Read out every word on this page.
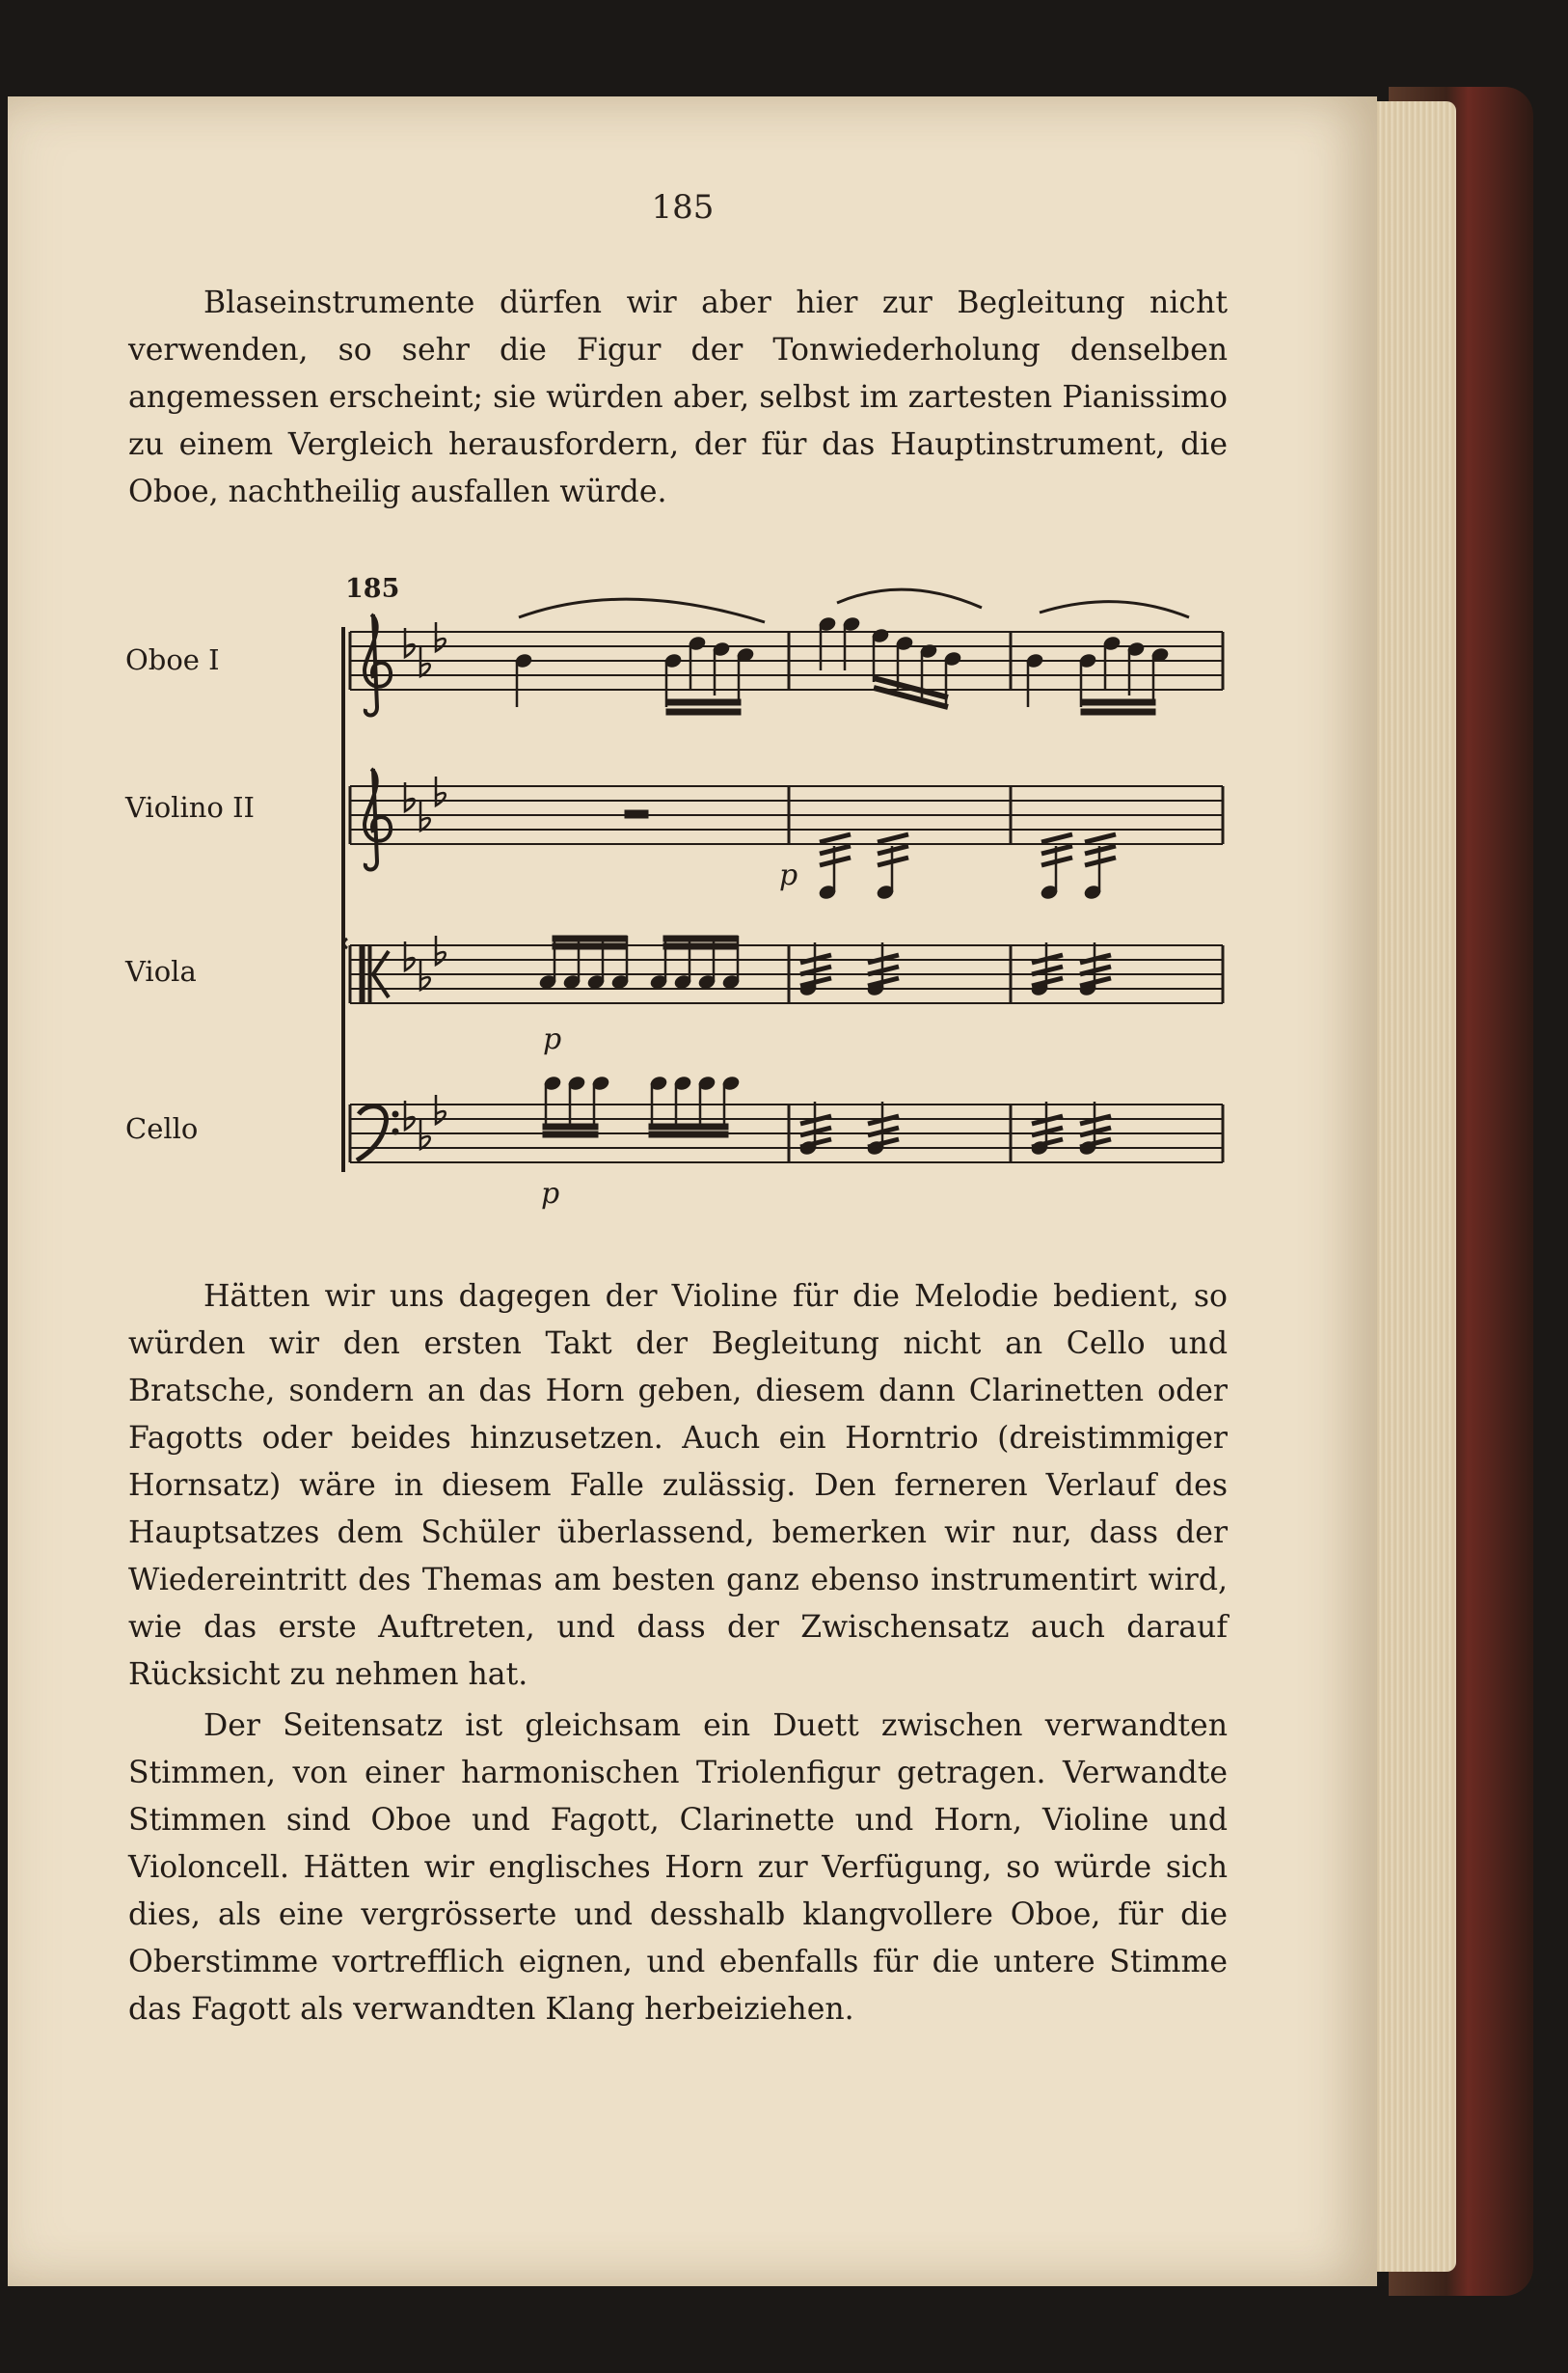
185

Blaseinstrumente dürfen wir aber hier zur Begleitung nicht verwenden, so sehr die Figur der Tonwiederholung denselben angemessen erscheint; sie würden aber, selbst im zartesten Pianissimo zu einem Vergleich herausfordern, der für das Hauptinstrument, die Oboe, nachtheilig ausfallen würde.

185
Oboe I
Violino II
Viola
Cello
p
p
p

Hätten wir uns dagegen der Violine für die Melodie bedient, so würden wir den ersten Takt der Begleitung nicht an Cello und Bratsche, sondern an das Horn geben, diesem dann Clarinetten oder Fagotts oder beides hinzusetzen. Auch ein Horntrio (dreistimmiger Hornsatz) wäre in diesem Falle zulässig. Den ferneren Verlauf des Hauptsatzes dem Schüler überlassend, bemerken wir nur, dass der Wiedereintritt des Themas am besten ganz ebenso instrumentirt wird, wie das erste Auftreten, und dass der Zwischensatz auch darauf Rücksicht zu nehmen hat.

Der Seitensatz ist gleichsam ein Duett zwischen verwandten Stimmen, von einer harmonischen Triolenfigur getragen. Verwandte Stimmen sind Oboe und Fagott, Clarinette und Horn, Violine und Violoncell. Hätten wir englisches Horn zur Verfügung, so würde sich dies, als eine vergrösserte und desshalb klangvollere Oboe, für die Oberstimme vortrefflich eignen, und ebenfalls für die untere Stimme das Fagott als verwandten Klang herbeiziehen.
